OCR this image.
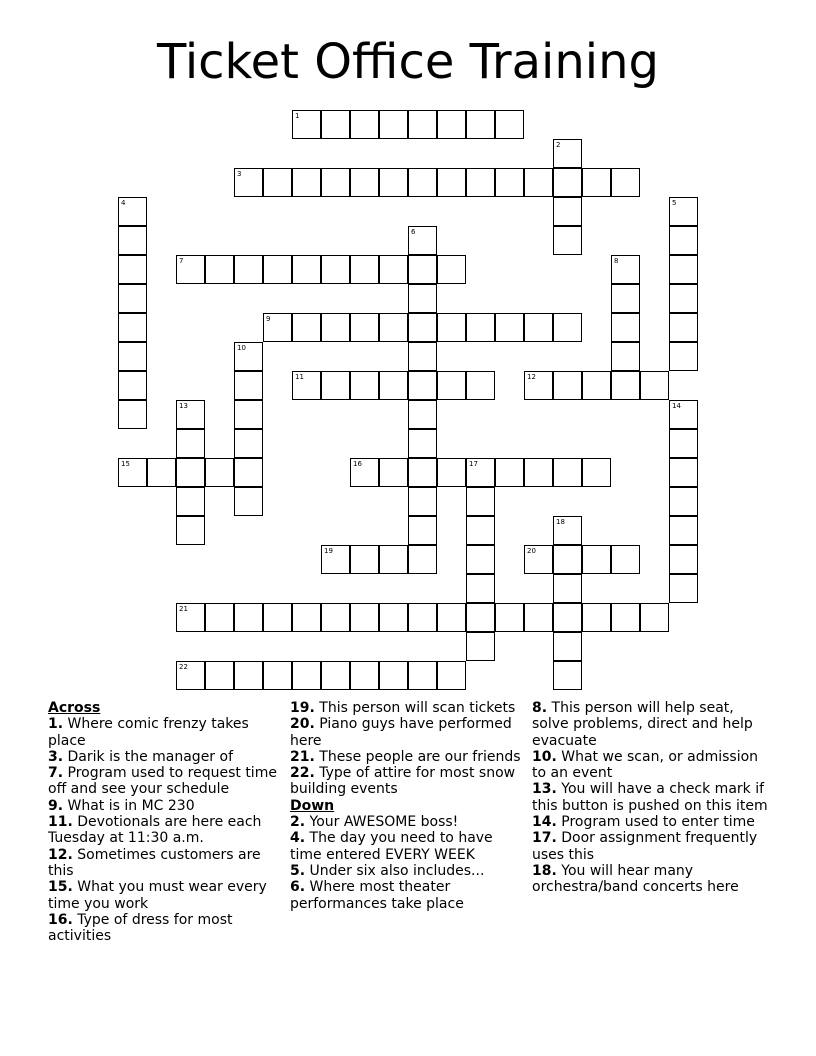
Ticket Office Training
1
2
3
4	5
6
7	8
9
10
11	12
13	14
15	16	17
18
19	20
21
22
Across
1. Where comic frenzy takes place
3. Darik is the manager of
7. Program used to request time off and see your schedule
9. What is in MC 230
11. Devotionals are here each Tuesday at 11:30 a.m.
12. Sometimes customers are this
15. What you must wear every time you work
16. Type of dress for most activities
19. This person will scan tickets
20. Piano guys have performed here
21. These people are our friends
22. Type of attire for most snow building events
Down
2. Your AWESOME boss!
4. The day you need to have time entered EVERY WEEK
5. Under six also includes...
6. Where most theater performances take place
8. This person will help seat, solve problems, direct and help evacuate
10. What we scan, or admission to an event
13. You will have a check mark if this button is pushed on this item
14. Program used to enter time
17. Door assignment frequently uses this
18. You will hear many orchestra/band concerts here
